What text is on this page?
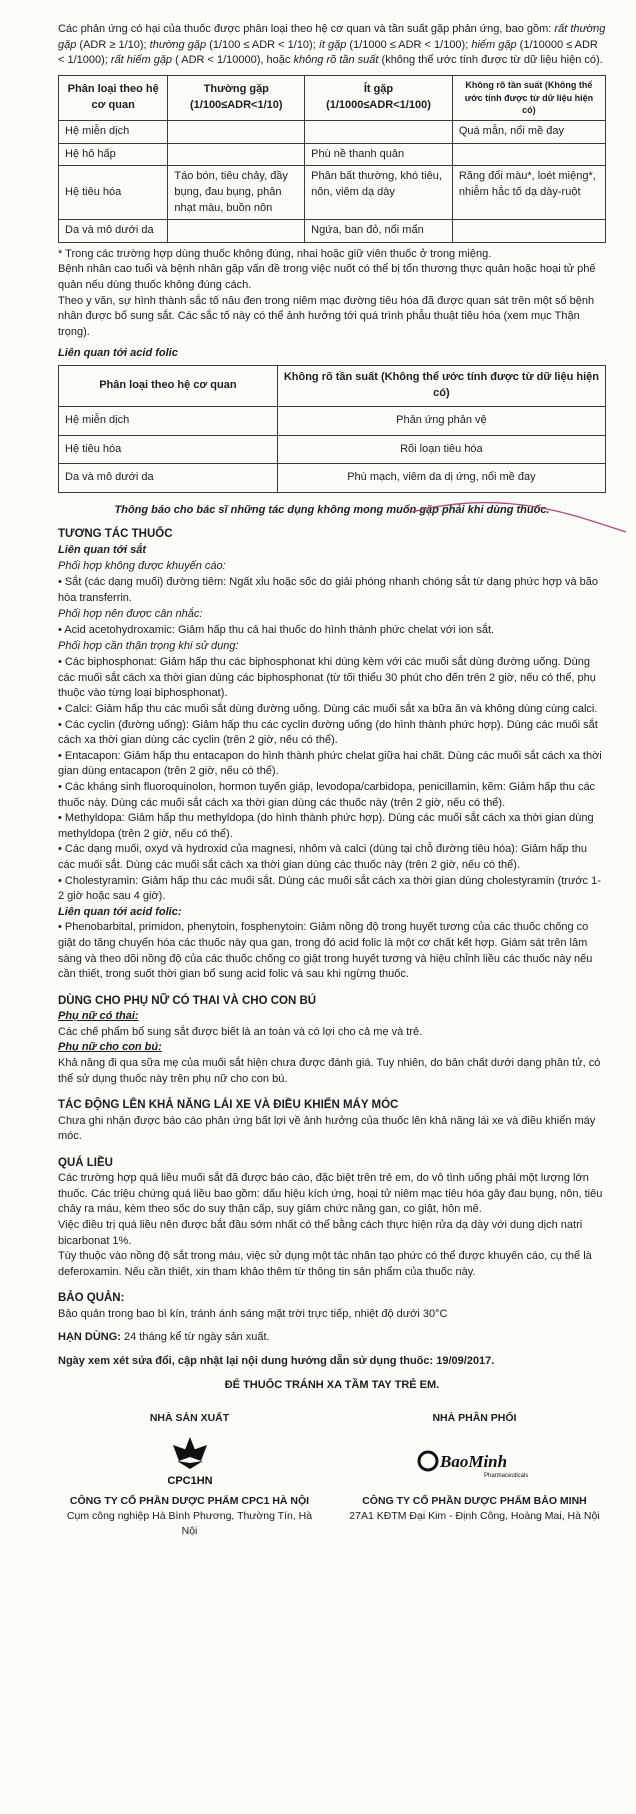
Các phản ứng có hại của thuốc được phân loại theo hệ cơ quan và tần suất gặp phản ứng, bao gồm: rất thường gặp (ADR ≥ 1/10); thường gặp (1/100 ≤ ADR < 1/10); ít gặp (1/1000 ≤ ADR < 1/100); hiếm gặp (1/10000 ≤ ADR < 1/1000); rất hiếm gặp ( ADR < 1/10000), hoặc không rõ tần suất (không thể ước tính được từ dữ liệu hiện có).

Phân loại theo hệ cơ quan	Thường gặp (1/100≤ADR<1/10)	Ít gặp (1/1000≤ADR<1/100)	Không rõ tần suất (Không thể ước tính được từ dữ liệu hiện có)
Hệ miễn dịch			Quá mẫn, nổi mề đay
Hệ hô hấp		Phù nề thanh quản	
Hệ tiêu hóa	Táo bón, tiêu chảy, đầy bụng, đau bụng, phân nhạt màu, buồn nôn	Phân bất thường, khó tiêu, nôn, viêm dạ dày	Răng đổi màu*, loét miệng*, nhiễm hắc tố dạ dày-ruột
Da và mô dưới da		Ngứa, ban đỏ, nổi mẩn	

* Trong các trường hợp dùng thuốc không đúng, nhai hoặc giữ viên thuốc ở trong miệng.

Bệnh nhân cao tuổi và bệnh nhân gặp vấn đề trong việc nuốt có thể bị tổn thương thực quản hoặc hoại tử phế quản nếu dùng thuốc không đúng cách.

Theo y văn, sự hình thành sắc tố nâu đen trong niêm mạc đường tiêu hóa đã được quan sát trên một số bệnh nhân được bổ sung sắt. Các sắc tố này có thể ảnh hưởng tới quá trình phẫu thuật tiêu hóa (xem mục Thận trọng).

Liên quan tới acid folic

Phân loại theo hệ cơ quan	Không rõ tần suất (Không thể ước tính được từ dữ liệu hiện có)
Hệ miễn dịch	Phản ứng phản vệ
Hệ tiêu hóa	Rối loạn tiêu hóa
Da và mô dưới da	Phù mạch, viêm da dị ứng, nổi mề đay

Thông báo cho bác sĩ những tác dụng không mong muốn gặp phải khi dùng thuốc.

TƯƠNG TÁC THUỐC

Liên quan tới sắt

Phối hợp không được khuyến cáo:

• Sắt (các dạng muối) đường tiêm: Ngất xỉu hoặc sốc do giải phóng nhanh chóng sắt từ dạng phức hợp và bão hòa transferrin.

Phối hợp nên được cân nhắc:

• Acid acetohydroxamic: Giảm hấp thu cả hai thuốc do hình thành phức chelat với ion sắt.

Phối hợp cần thận trọng khi sử dụng:

• Các biphosphonat: Giảm hấp thu các biphosphonat khi dùng kèm với các muối sắt dùng đường uống. Dùng các muối sắt cách xa thời gian dùng các biphosphonat (từ tối thiểu 30 phút cho đến trên 2 giờ, nếu có thể, phụ thuộc vào từng loại biphosphonat).

• Calci: Giảm hấp thu các muối sắt dùng đường uống. Dùng các muối sắt xa bữa ăn và không dùng cùng calci.

• Các cyclin (đường uống): Giảm hấp thu các cyclin đường uống (do hình thành phức hợp). Dùng các muối sắt cách xa thời gian dùng các cyclin (trên 2 giờ, nếu có thể).

• Entacapon: Giảm hấp thu entacapon do hình thành phức chelat giữa hai chất. Dùng các muối sắt cách xa thời gian dùng entacapon (trên 2 giờ, nếu có thể).

• Các kháng sinh fluoroquinolon, hormon tuyến giáp, levodopa/carbidopa, penicillamin, kẽm: Giảm hấp thu các thuốc này. Dùng các muối sắt cách xa thời gian dùng các thuốc này (trên 2 giờ, nếu có thể).

• Methyldopa: Giảm hấp thu methyldopa (do hình thành phức hợp). Dùng các muối sắt cách xa thời gian dùng methyldopa (trên 2 giờ, nếu có thể).

• Các dạng muối, oxyd và hydroxid của magnesi, nhôm và calci (dùng tại chỗ đường tiêu hóa): Giảm hấp thu các muối sắt. Dùng các muối sắt cách xa thời gian dùng các thuốc này (trên 2 giờ, nếu có thể).

• Cholestyramin: Giảm hấp thu các muối sắt. Dùng các muối sắt cách xa thời gian dùng cholestyramin (trước 1-2 giờ hoặc sau 4 giờ).

Liên quan tới acid folic:

• Phenobarbital, primidon, phenytoin, fosphenytoin: Giảm nồng độ trong huyết tương của các thuốc chống co giật do tăng chuyển hóa các thuốc này qua gan, trong đó acid folic là một cơ chất kết hợp. Giám sát trên lâm sàng và theo dõi nồng độ của các thuốc chống co giật trong huyết tương và hiệu chỉnh liều các thuốc này nếu cần thiết, trong suốt thời gian bổ sung acid folic và sau khi ngừng thuốc.

DÙNG CHO PHỤ NỮ CÓ THAI VÀ CHO CON BÚ

Phụ nữ có thai:

Các chế phẩm bổ sung sắt được biết là an toàn và có lợi cho cả mẹ và trẻ.

Phụ nữ cho con bú:

Khả năng đi qua sữa mẹ của muối sắt hiện chưa được đánh giá. Tuy nhiên, do bản chất dưới dạng phân tử, có thể sử dụng thuốc này trên phụ nữ cho con bú.

TÁC ĐỘNG LÊN KHẢ NĂNG LÁI XE VÀ ĐIỀU KHIỂN MÁY MÓC

Chưa ghi nhận được báo cáo phản ứng bất lợi về ảnh hưởng của thuốc lên khả năng lái xe và điều khiển máy móc.

QUÁ LIỀU

Các trường hợp quá liều muối sắt đã được báo cáo, đặc biệt trên trẻ em, do vô tình uống phải một lượng lớn thuốc. Các triệu chứng quá liều bao gồm: dấu hiệu kích ứng, hoại tử niêm mạc tiêu hóa gây đau bụng, nôn, tiêu chảy ra máu, kèm theo sốc do suy thận cấp, suy giảm chức năng gan, co giật, hôn mê.

Việc điều trị quá liều nên được bắt đầu sớm nhất có thể bằng cách thực hiện rửa dạ dày với dung dịch natri bicarbonat 1%.

Tùy thuộc vào nồng độ sắt trong máu, việc sử dụng một tác nhân tạo phức có thể được khuyến cáo, cụ thể là deferoxamin. Nếu cần thiết, xin tham khảo thêm từ thông tin sản phẩm của thuốc này.

BẢO QUẢN:

Bảo quản trong bao bì kín, tránh ánh sáng mặt trời trực tiếp, nhiệt độ dưới 30°C

HẠN DÙNG: 24 tháng kể từ ngày sản xuất.

Ngày xem xét sửa đổi, cập nhật lại nội dung hướng dẫn sử dụng thuốc: 19/09/2017.

ĐỂ THUỐC TRÁNH XA TẦM TAY TRẺ EM.

NHÀ SẢN XUẤT
CPC1HN
CÔNG TY CỔ PHẦN DƯỢC PHẨM CPC1 HÀ NỘI
Cụm công nghiệp Hà Bình Phương, Thường Tín, Hà Nội
NHÀ PHÂN PHỐI
BaoMinh
Pharmaceuticals
CÔNG TY CỔ PHẦN DƯỢC PHẨM BẢO MINH
27A1 KĐTM Đại Kim - Định Công, Hoàng Mai, Hà Nội
